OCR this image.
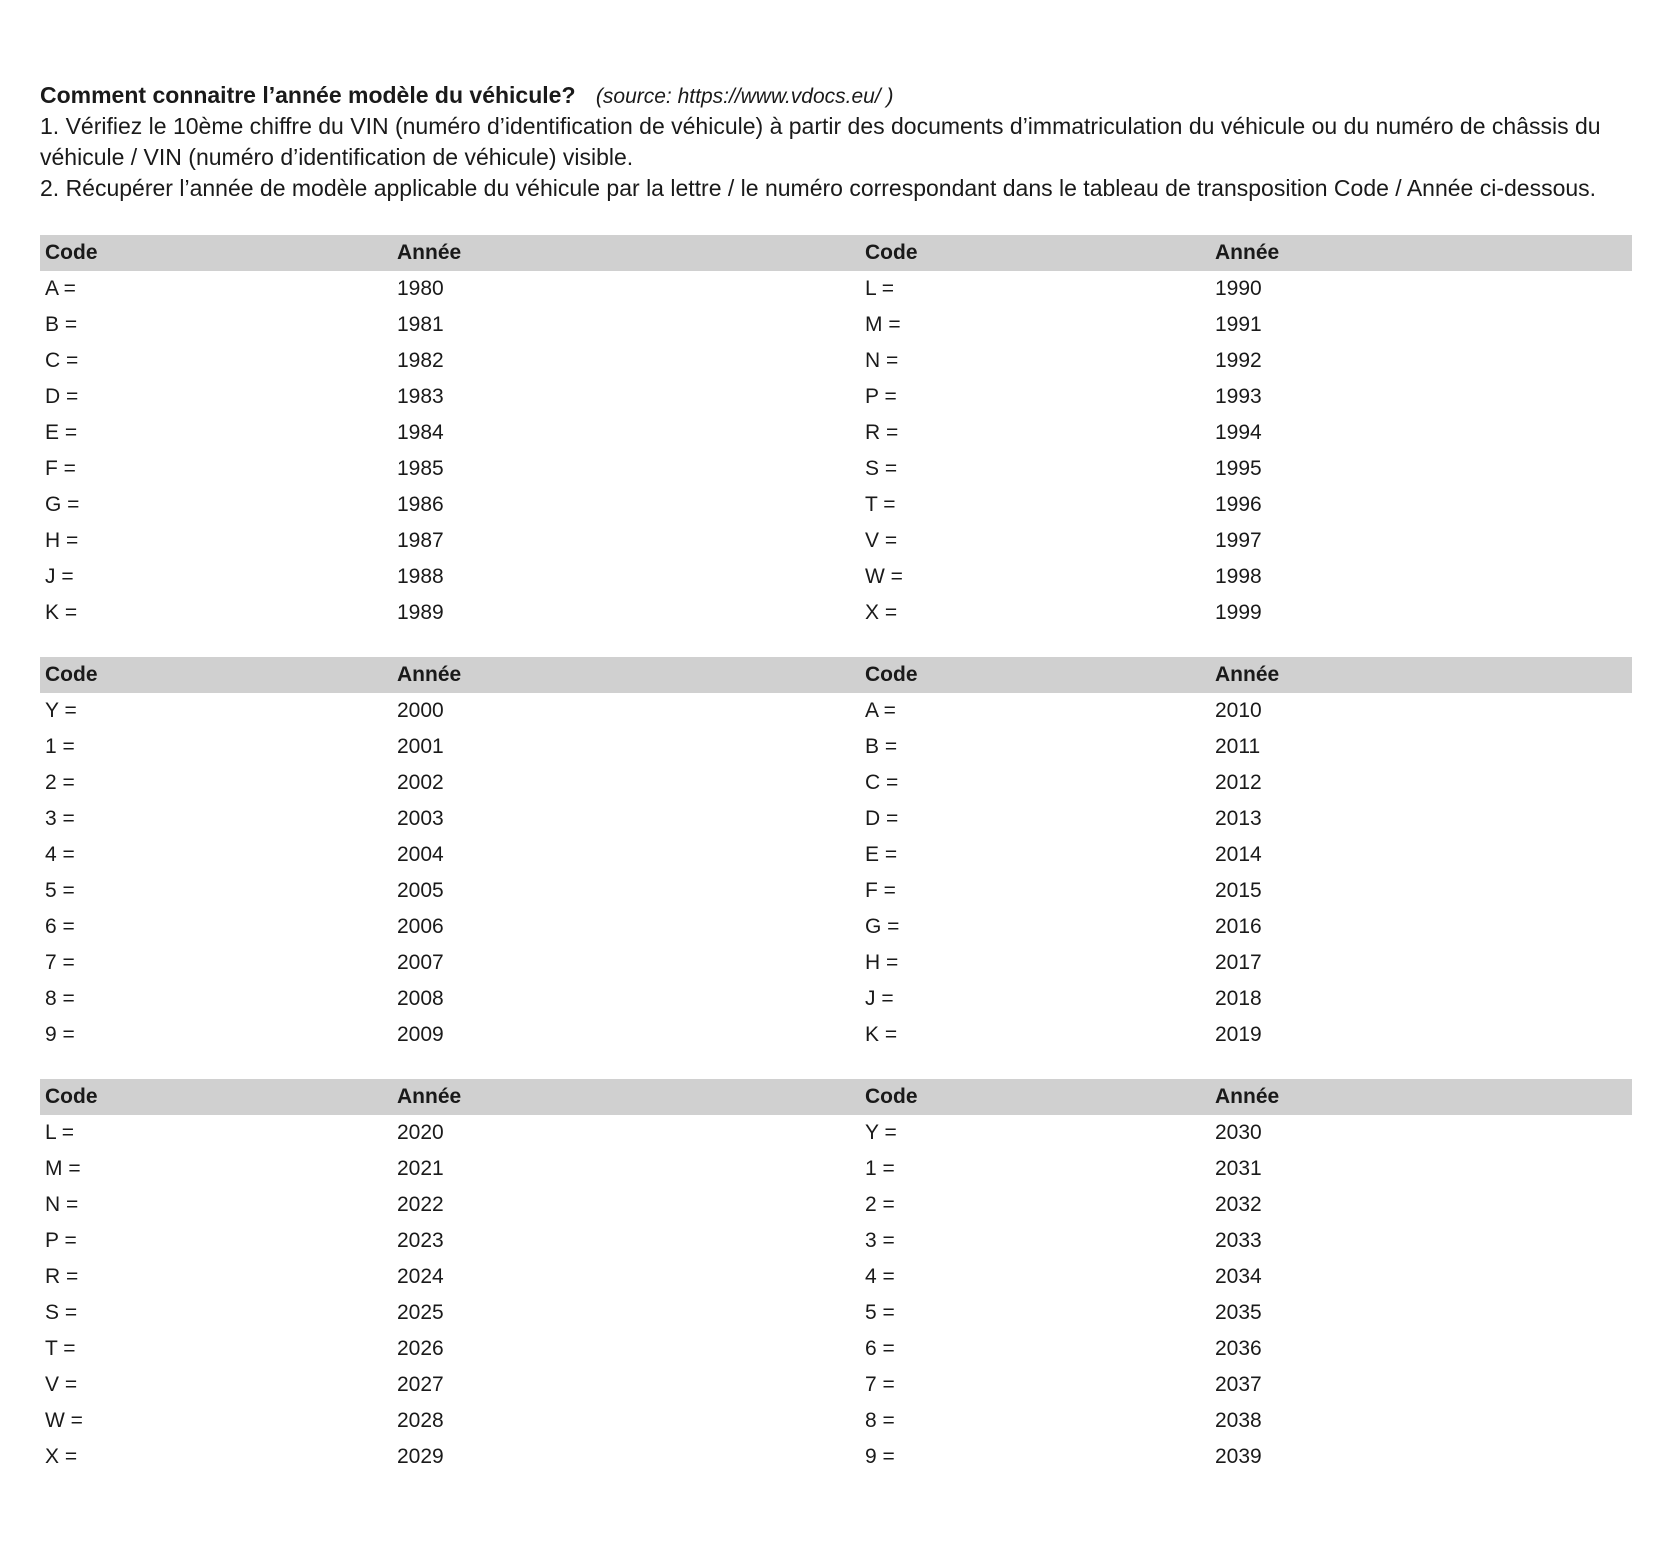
Comment connaitre l’année modèle du véhicule? (source: https://www.vdocs.eu/ )

1. Vérifiez le 10ème chiffre du VIN (numéro d’identification de véhicule) à partir des documents d’immatriculation du véhicule ou du numéro de châssis du véhicule / VIN (numéro d’identification de véhicule) visible.

2. Récupérer l’année de modèle applicable du véhicule par la lettre / le numéro correspondant dans le tableau de transposition Code / Année ci-dessous.

Code	Année	Code	Année
A =	1980	L =	1990
B =	1981	M =	1991
C =	1982	N =	1992
D =	1983	P =	1993
E =	1984	R =	1994
F =	1985	S =	1995
G =	1986	T =	1996
H =	1987	V =	1997
J =	1988	W =	1998
K =	1989	X =	1999
Code	Année	Code	Année
Y =	2000	A =	2010
1 =	2001	B =	2011
2 =	2002	C =	2012
3 =	2003	D =	2013
4 =	2004	E =	2014
5 =	2005	F =	2015
6 =	2006	G =	2016
7 =	2007	H =	2017
8 =	2008	J =	2018
9 =	2009	K =	2019
Code	Année	Code	Année
L =	2020	Y =	2030
M =	2021	1 =	2031
N =	2022	2 =	2032
P =	2023	3 =	2033
R =	2024	4 =	2034
S =	2025	5 =	2035
T =	2026	6 =	2036
V =	2027	7 =	2037
W =	2028	8 =	2038
X =	2029	9 =	2039
